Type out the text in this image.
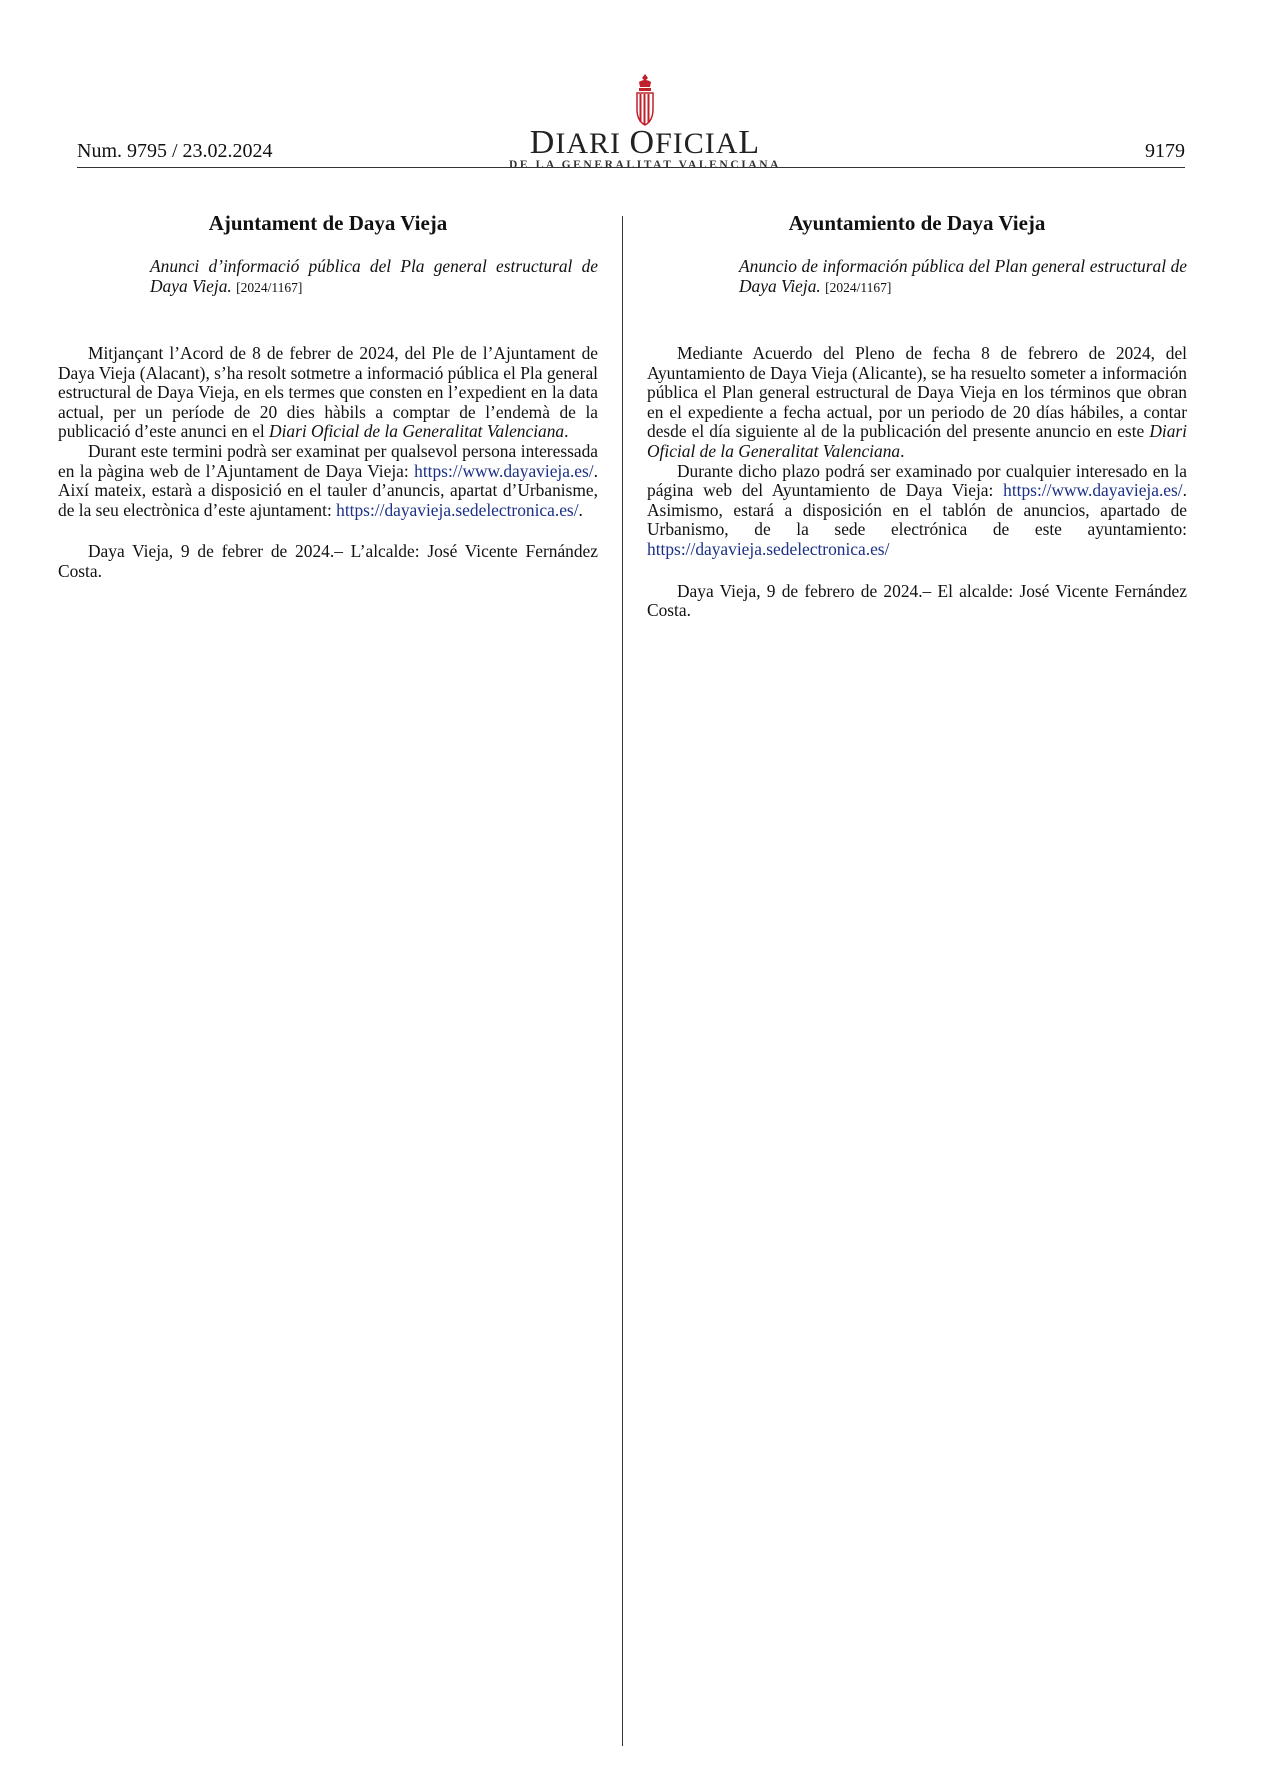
Num. 9795 / 23.02.2024	DIARI OFICIAL
DE LA GENERALITAT VALENCIANA
9179
Ajuntament de Daya Vieja
Anunci d’informació pública del Pla general estructural de Daya Vieja. [2024/1167]

Mitjançant l’Acord de 8 de febrer de 2024, del Ple de l’Ajuntament de Daya Vieja (Alacant), s’ha resolt sotmetre a informació pública el Pla general estructural de Daya Vieja, en els termes que consten en l’expedient en la data actual, per un període de 20 dies hàbils a comptar de l’endemà de la publicació d’este anunci en el Diari Oficial de la Generalitat Valenciana.

Durant este termini podrà ser examinat per qualsevol persona interessada en la pàgina web de l’Ajuntament de Daya Vieja: https://www.dayavieja.es/. Així mateix, estarà a disposició en el tauler d’anuncis, apartat d’Urbanisme, de la seu electrònica d’este ajuntament: https://dayavieja.sedelectronica.es/.

Daya Vieja, 9 de febrer de 2024.– L’alcalde: José Vicente Fernández Costa.

Ayuntamiento de Daya Vieja
Anuncio de información pública del Plan general estructural de Daya Vieja. [2024/1167]

Mediante Acuerdo del Pleno de fecha 8 de febrero de 2024, del Ayuntamiento de Daya Vieja (Alicante), se ha resuelto someter a información pública el Plan general estructural de Daya Vieja en los términos que obran en el expediente a fecha actual, por un periodo de 20 días hábiles, a contar desde el día siguiente al de la publicación del presente anuncio en este Diari Oficial de la Generalitat Valenciana.

Durante dicho plazo podrá ser examinado por cualquier interesado en la página web del Ayuntamiento de Daya Vieja: https://www.dayavieja.es/. Asimismo, estará a disposición en el tablón de anuncios, apartado de Urbanismo, de la sede electrónica de este ayuntamiento: https://dayavieja.sedelectronica.es/

Daya Vieja, 9 de febrero de 2024.– El alcalde: José Vicente Fernández Costa.
